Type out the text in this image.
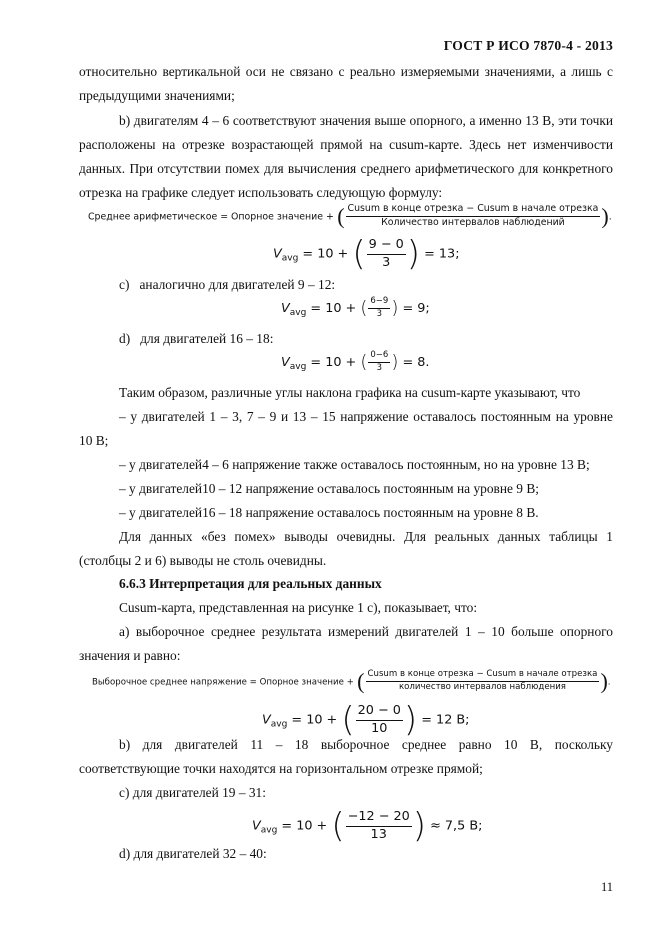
ГОСТ Р ИСО 7870-4 - 2013
относительно вертикальной оси не связано с реально измеряемыми значениями, а лишь с
предыдущими значениями;
b) двигателям 4 – 6 соответствуют значения выше опорного, а именно 13 В, эти точки
расположены на отрезке возрастающей прямой на cusum-карте. Здесь нет изменчивости
данных. При отсутствии помех для вычисления среднего арифметического для конкретного
отрезка на графике следует использовать следующую формулу:
Среднее арифметическое = Опорное значение + ( $\frac{\text{Cusum в конце отрезка − Cusum в начале отрезка}}{\text{Количество интервалов наблюдений}}$ ).
$V_{avg} = 10$ + ( $\frac{9 - 0}{3}$ ) = 13;
с) аналогично для двигателей 9 – 12:
$V_{avg} = 10$ + ( $\frac{6-9}{3}$ ) = 9;
d) для двигателей 16 – 18:
$V_{avg} = 10$ + ( $\frac{0-6}{3}$ ) = 8.
Таким образом, различные углы наклона графика на cusum-карте указывают, что
– у двигателей 1 – 3, 7 – 9 и 13 – 15 напряжение оставалось постоянным на уровне
10 В;
– у двигателей4 – 6 напряжение также оставалось постоянным, но на уровне 13 В;
– у двигателей10 – 12 напряжение оставалось постоянным на уровне 9 В;
– у двигателей16 – 18 напряжение оставалось постоянным на уровне 8 В.
Для данных «без помех» выводы очевидны. Для реальных данных таблицы 1
(столбцы 2 и 6) выводы не столь очевидны.
6.6.3 Интерпретация для реальных данных
Cusum-карта, представленная на рисунке 1 с), показывает, что:
а) выборочное среднее результата измерений двигателей 1 – 10 больше опорного
значения и равно:
Выборочное среднее напряжение = Опорное значение + ( $\frac{\text{Cusum в конце отрезка − Cusum в начале отрезка}}{\text{количество интервалов наблюдения}}$ ).
$V_{avg} = 10$ + ( $\frac{20 - 0}{10}$ ) = 12 В;
b) для двигателей 11 – 18 выборочное среднее равно 10 В, поскольку
соответствующие точки находятся на горизонтальном отрезке прямой;
с) для двигателей 19 – 31:
$V_{avg} = 10$ + ( $\frac{-12 - 20}{13}$ ) ≈ 7,5 В;
d) для двигателей 32 – 40:
11
